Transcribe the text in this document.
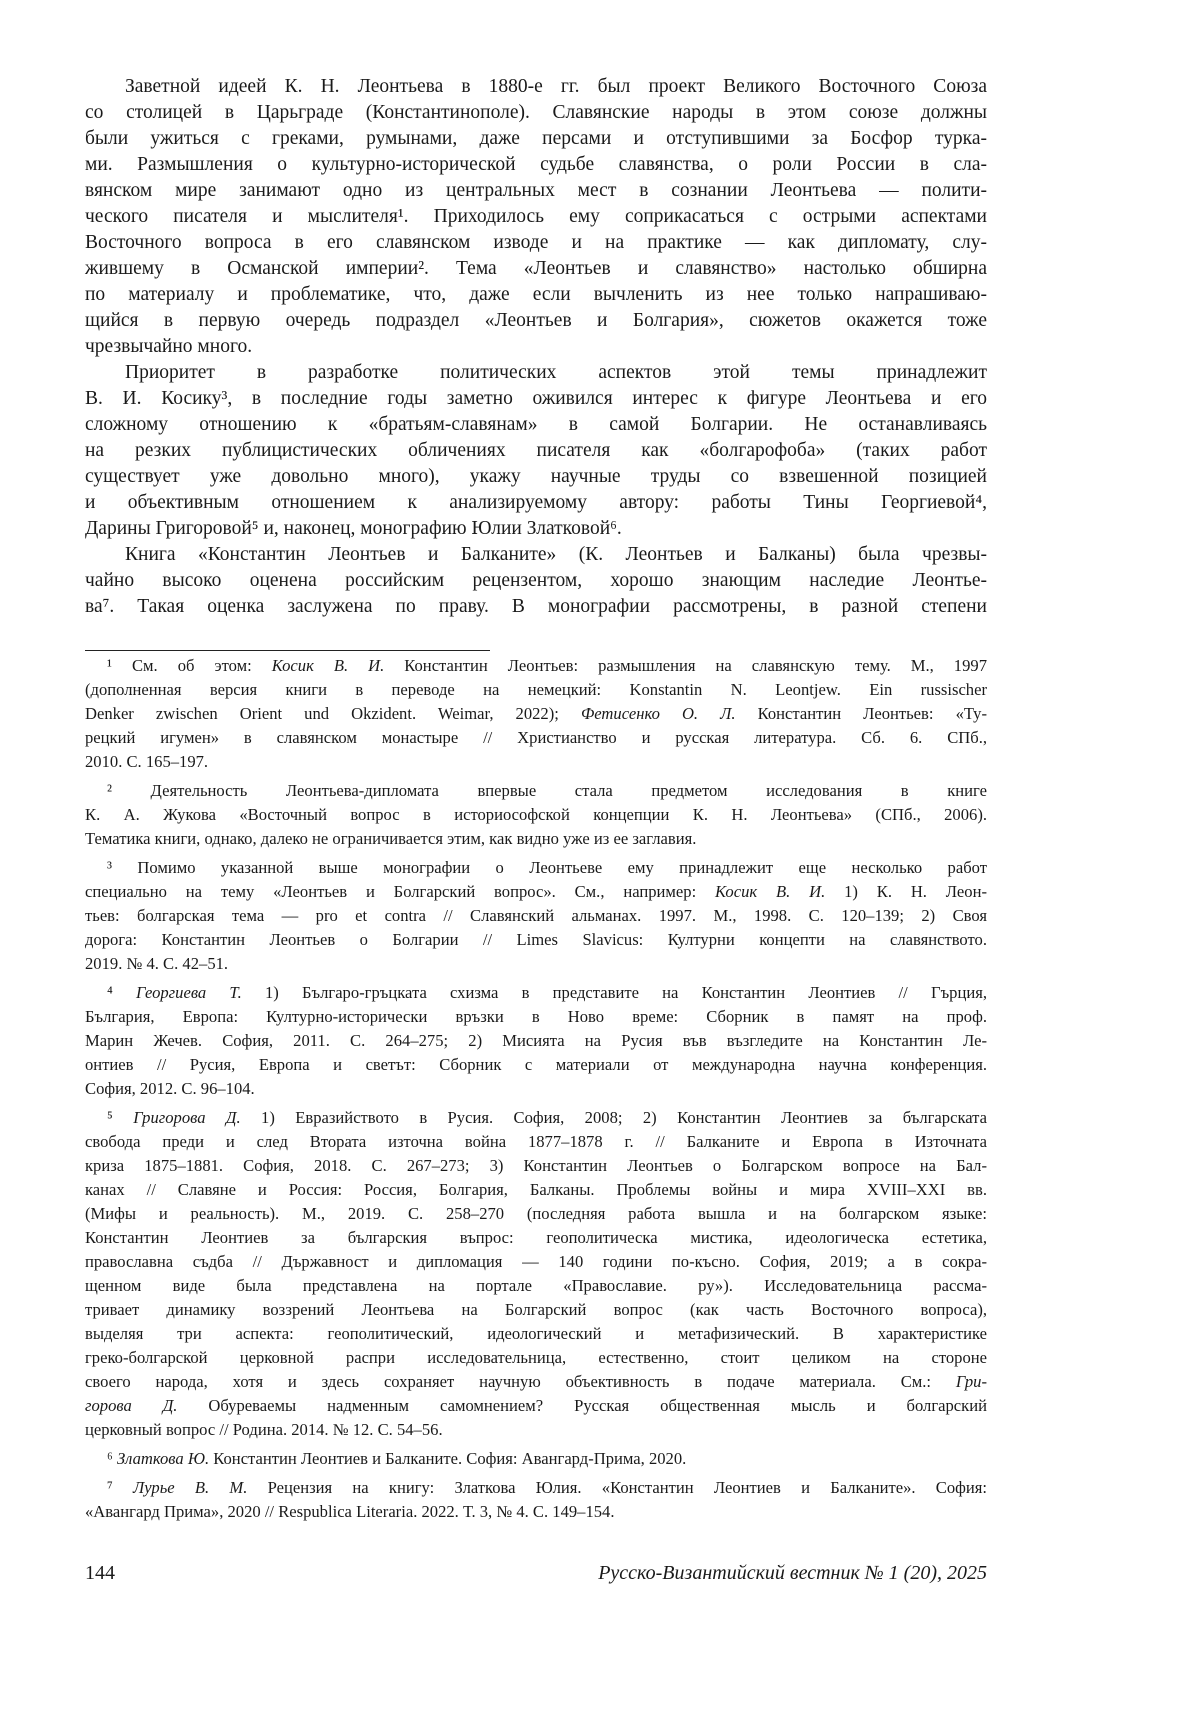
Заветной идеей К. Н. Леонтьева в 1880-е гг. был проект Великого Восточного Союза
со столицей в Царьграде (Константинополе). Славянские народы в этом союзе должны
были ужиться с греками, румынами, даже персами и отступившими за Босфор турка-
ми. Размышления о культурно-исторической судьбе славянства, о роли России в сла-
вянском мире занимают одно из центральных мест в сознании Леонтьева — полити-
ческого писателя и мыслителя¹. Приходилось ему соприкасаться с острыми аспектами
Восточного вопроса в его славянском изводе и на практике — как дипломату, слу-
жившему в Османской империи². Тема «Леонтьев и славянство» настолько обширна
по материалу и проблематике, что, даже если вычленить из нее только напрашиваю-
щийся в первую очередь подраздел «Леонтьев и Болгария», сюжетов окажется тоже
чрезвычайно много.
Приоритет в разработке политических аспектов этой темы принадлежит
В. И. Косику³, в последние годы заметно оживился интерес к фигуре Леонтьева и его
сложному отношению к «братьям-славянам» в самой Болгарии. Не останавливаясь
на резких публицистических обличениях писателя как «болгарофоба» (таких работ
существует уже довольно много), укажу научные труды со взвешенной позицией
и объективным отношением к анализируемому автору: работы Тины Георгиевой⁴,
Дарины Григоровой⁵ и, наконец, монографию Юлии Златковой⁶.
Книга «Константин Леонтьев и Балканите» (К. Леонтьев и Балканы) была чрезвы-
чайно высоко оценена российским рецензентом, хорошо знающим наследие Леонтье-
ва⁷. Такая оценка заслужена по праву. В монографии рассмотрены, в разной степени
¹ См. об этом: Косик В. И. Константин Леонтьев: размышления на славянскую тему. М., 1997
(дополненная версия книги в переводе на немецкий: Konstantin N. Leontjew. Ein russischer
Denker zwischen Orient und Okzident. Weimar, 2022); Фетисенко О. Л. Константин Леонтьев: «Ту-
рецкий игумен» в славянском монастыре // Христианство и русская литература. Сб. 6. СПб.,
2010. С. 165–197.
² Деятельность Леонтьева-дипломата впервые стала предметом исследования в книге
К. А. Жукова «Восточный вопрос в историософской концепции К. Н. Леонтьева» (СПб., 2006).
Тематика книги, однако, далеко не ограничивается этим, как видно уже из ее заглавия.
³ Помимо указанной выше монографии о Леонтьеве ему принадлежит еще несколько работ
специально на тему «Леонтьев и Болгарский вопрос». См., например: Косик В. И. 1) К. Н. Леон-
тьев: болгарская тема — pro et contra // Славянский альманах. 1997. М., 1998. С. 120–139; 2) Своя
дорога: Константин Леонтьев о Болгарии // Limes Slavicus: Културни концепти на славянството.
2019. № 4. С. 42–51.
⁴ Георгиева Т. 1) Българо-гръцката схизма в представите на Константин Леонтиев // Гърция,
България, Европа: Културно-исторически връзки в Ново време: Сборник в памят на проф.
Марин Жечев. София, 2011. С. 264–275; 2) Мисията на Русия във възгледите на Константин Ле-
онтиев // Русия, Европа и светът: Сборник с материали от международна научна конференция.
София, 2012. С. 96–104.
⁵ Григорова Д. 1) Евразийството в Русия. София, 2008; 2) Константин Леонтиев за българската
свобода преди и след Втората източна война 1877–1878 г. // Балканите и Европа в Източната
криза 1875–1881. София, 2018. С. 267–273; 3) Константин Леонтьев о Болгарском вопросе на Бал-
канах // Славяне и Россия: Россия, Болгария, Балканы. Проблемы войны и мира XVIII–XXI вв.
(Мифы и реальность). М., 2019. С. 258–270 (последняя работа вышла и на болгарском языке:
Константин Леонтиев за българския въпрос: геополитическа мистика, идеологическа естетика,
православна съдба // Държавност и дипломация — 140 години по-късно. София, 2019; а в сокра-
щенном виде была представлена на портале «Православие. ру»). Исследовательница рассма-
тривает динамику воззрений Леонтьева на Болгарский вопрос (как часть Восточного вопроса),
выделяя три аспекта: геополитический, идеологический и метафизический. В характеристике
греко-болгарской церковной распри исследовательница, естественно, стоит целиком на стороне
своего народа, хотя и здесь сохраняет научную объективность в подаче материала. См.: Гри-
горова Д. Обуреваемы надменным самомнением? Русская общественная мысль и болгарский
церковный вопрос // Родина. 2014. № 12. С. 54–56.
⁶ Златкова Ю. Константин Леонтиев и Балканите. София: Авангард-Прима, 2020.
⁷ Лурье В. М. Рецензия на книгу: Златкова Юлия. «Константин Леонтиев и Балканите». София:
«Авангард Прима», 2020 // Respublica Literaria. 2022. Т. 3, № 4. С. 149–154.
144	Русско-Византийский вестник № 1 (20), 2025
